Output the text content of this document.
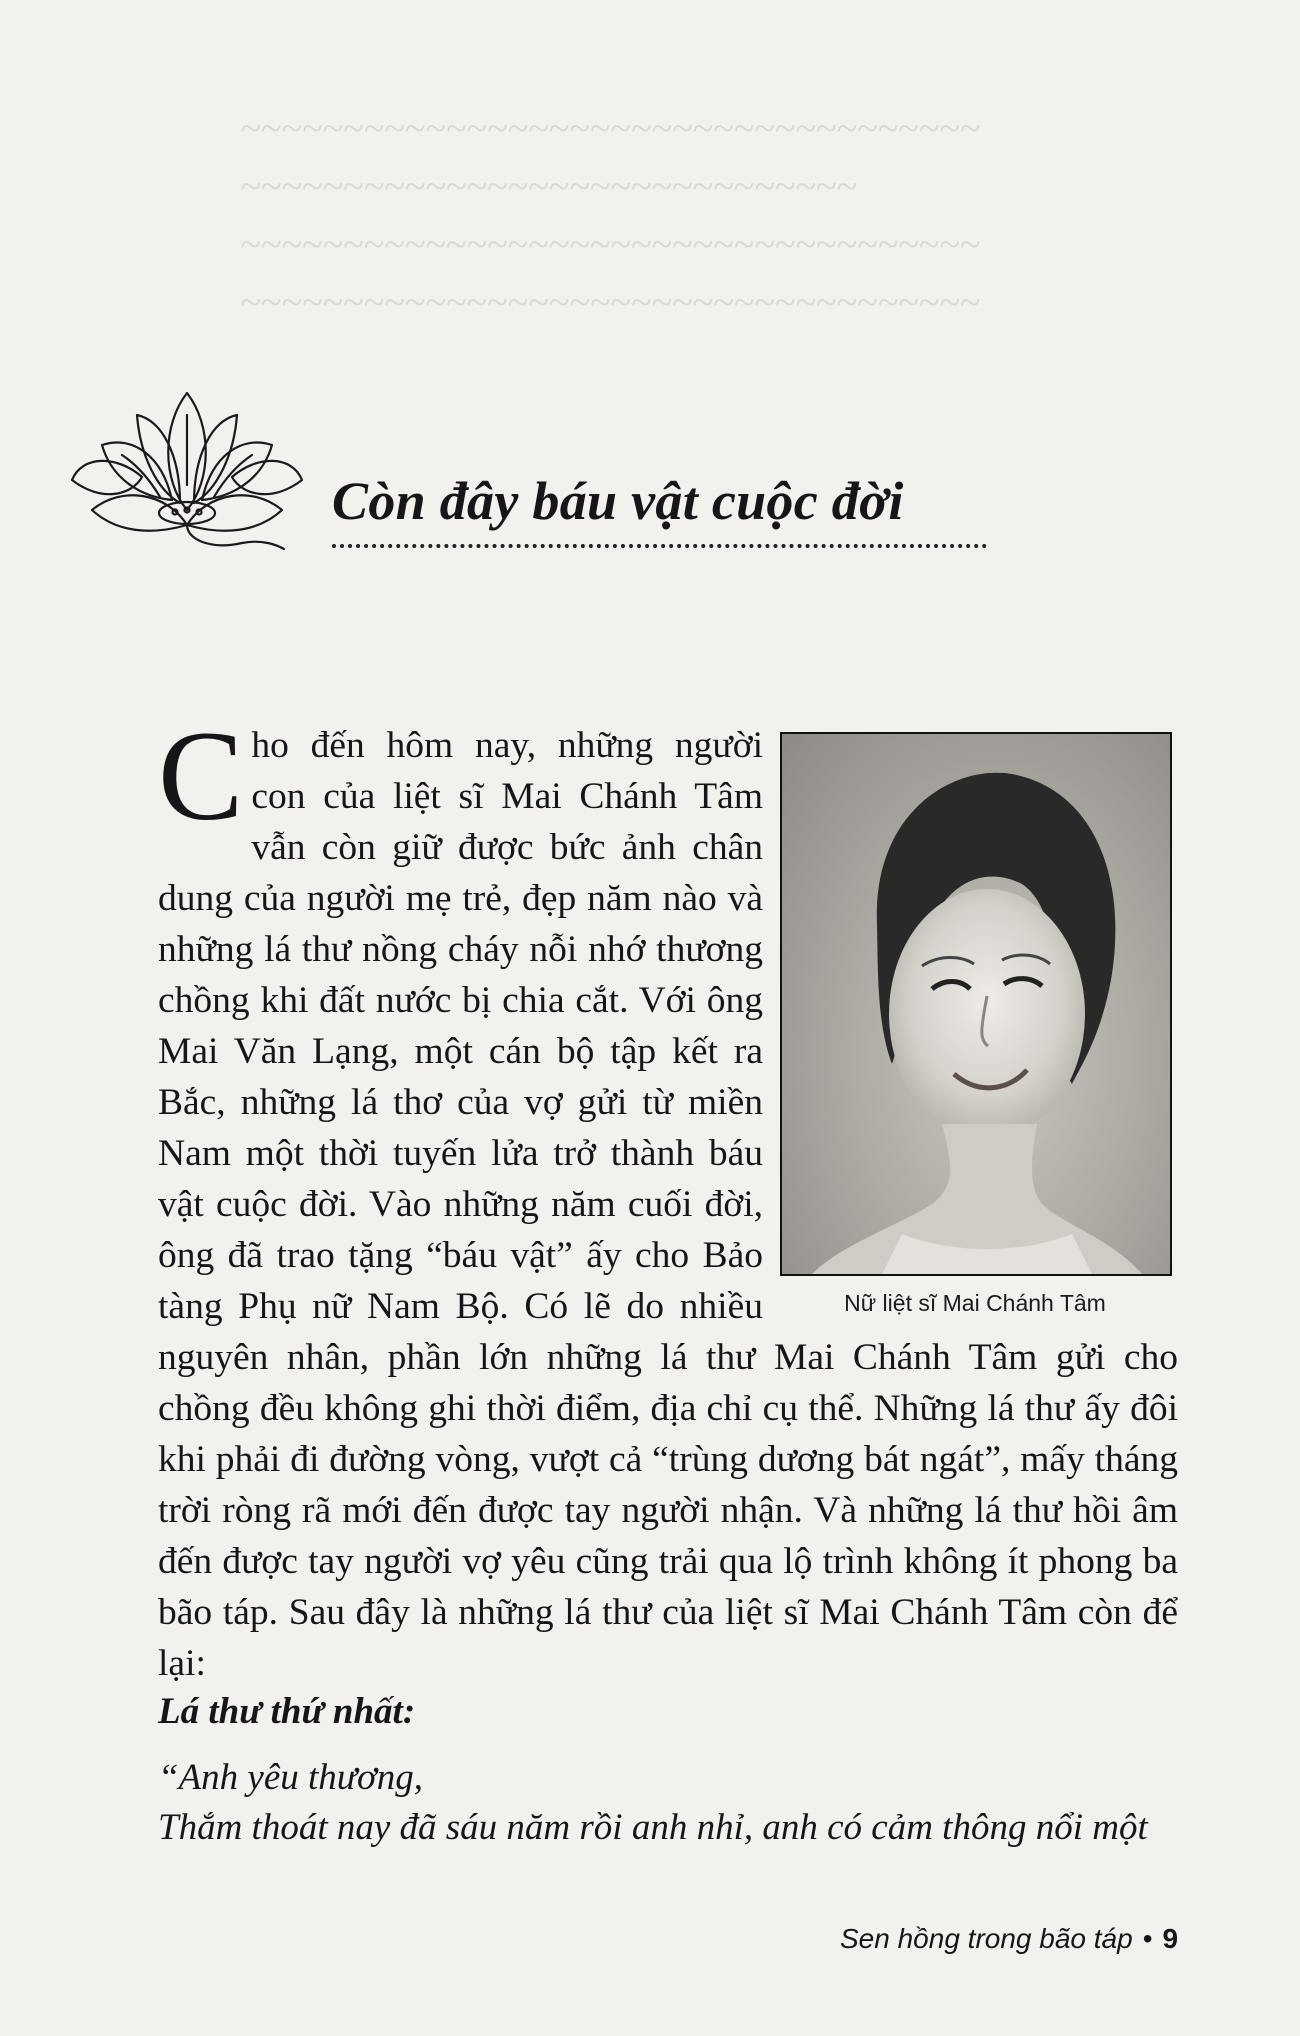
~~~~~~~~~~~~~~~~~~~~~~~~~~~~~~~~~~~~
~~~~~~~~~~~~~~~~~~~~~~~~~~~~~~
~~~~~~~~~~~~~~~~~~~~~~~~~~~~~~~~~~~~
~~~~~~~~~~~~~~~~~~~~~~~~~~~~~~~~~~~~
Còn đây báu vật cuộc đời

Cho đến hôm nay, những người con của liệt sĩ Mai Chánh Tâm vẫn còn giữ được bức ảnh chân dung của người mẹ trẻ, đẹp năm nào và những lá thư nồng cháy nỗi nhớ thương chồng khi đất nước bị chia cắt. Với ông Mai Văn Lạng, một cán bộ tập kết ra Bắc, những lá thơ của vợ gửi từ miền Nam một thời tuyến lửa trở thành báu vật cuộc đời. Vào những năm cuối đời, ông đã trao tặng “báu vật” ấy cho Bảo tàng Phụ nữ Nam Bộ. Có lẽ do nhiều nguyên nhân, phần lớn những lá thư Mai Chánh Tâm gửi cho chồng đều không ghi thời điểm, địa chỉ cụ thể. Những lá thư ấy đôi khi phải đi đường vòng, vượt cả “trùng dương bát ngát”, mấy tháng trời ròng rã mới đến được tay người nhận. Và những lá thư hồi âm đến được tay người vợ yêu cũng trải qua lộ trình không ít phong ba bão táp. Sau đây là những lá thư của liệt sĩ Mai Chánh Tâm còn để lại:

Nữ liệt sĩ Mai Chánh Tâm
Lá thư thứ nhất:
“Anh yêu thương,
Thắm thoát nay đã sáu năm rồi anh nhỉ, anh có cảm thông nổi một
Sen hồng trong bão táp • 9
